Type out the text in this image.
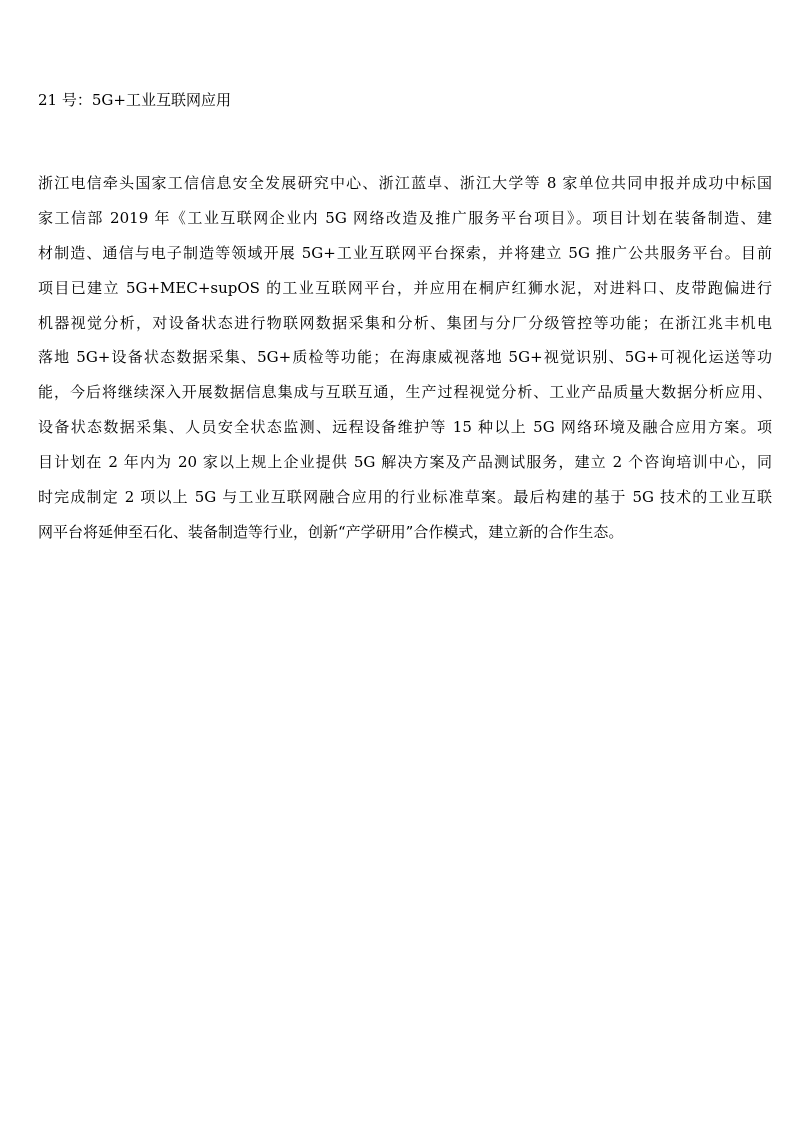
21 号：5G+工业互联网应用
浙江电信牵头国家工信信息安全发展研究中心、浙江蓝卓、浙江大学等 8 家单位共同申报并成功中标国
家工信部 2019 年《工业互联网企业内 5G 网络改造及推广服务平台项目》。项目计划在装备制造、建
材制造、通信与电子制造等领域开展 5G+工业互联网平台探索，并将建立 5G 推广公共服务平台。目前
项目已建立 5G+MEC+supOS 的工业互联网平台，并应用在桐庐红狮水泥，对进料口、皮带跑偏进行
机器视觉分析，对设备状态进行物联网数据采集和分析、集团与分厂分级管控等功能；在浙江兆丰机电
落地 5G+设备状态数据采集、5G+质检等功能；在海康威视落地 5G+视觉识别、5G+可视化运送等功
能，今后将继续深入开展数据信息集成与互联互通，生产过程视觉分析、工业产品质量大数据分析应用、
设备状态数据采集、人员安全状态监测、远程设备维护等 15 种以上 5G 网络环境及融合应用方案。项
目计划在 2 年内为 20 家以上规上企业提供 5G 解决方案及产品测试服务，建立 2 个咨询培训中心，同
时完成制定 2 项以上 5G 与工业互联网融合应用的行业标准草案。最后构建的基于 5G 技术的工业互联
网平台将延伸至石化、装备制造等行业，创新“产学研用”合作模式，建立新的合作生态。
